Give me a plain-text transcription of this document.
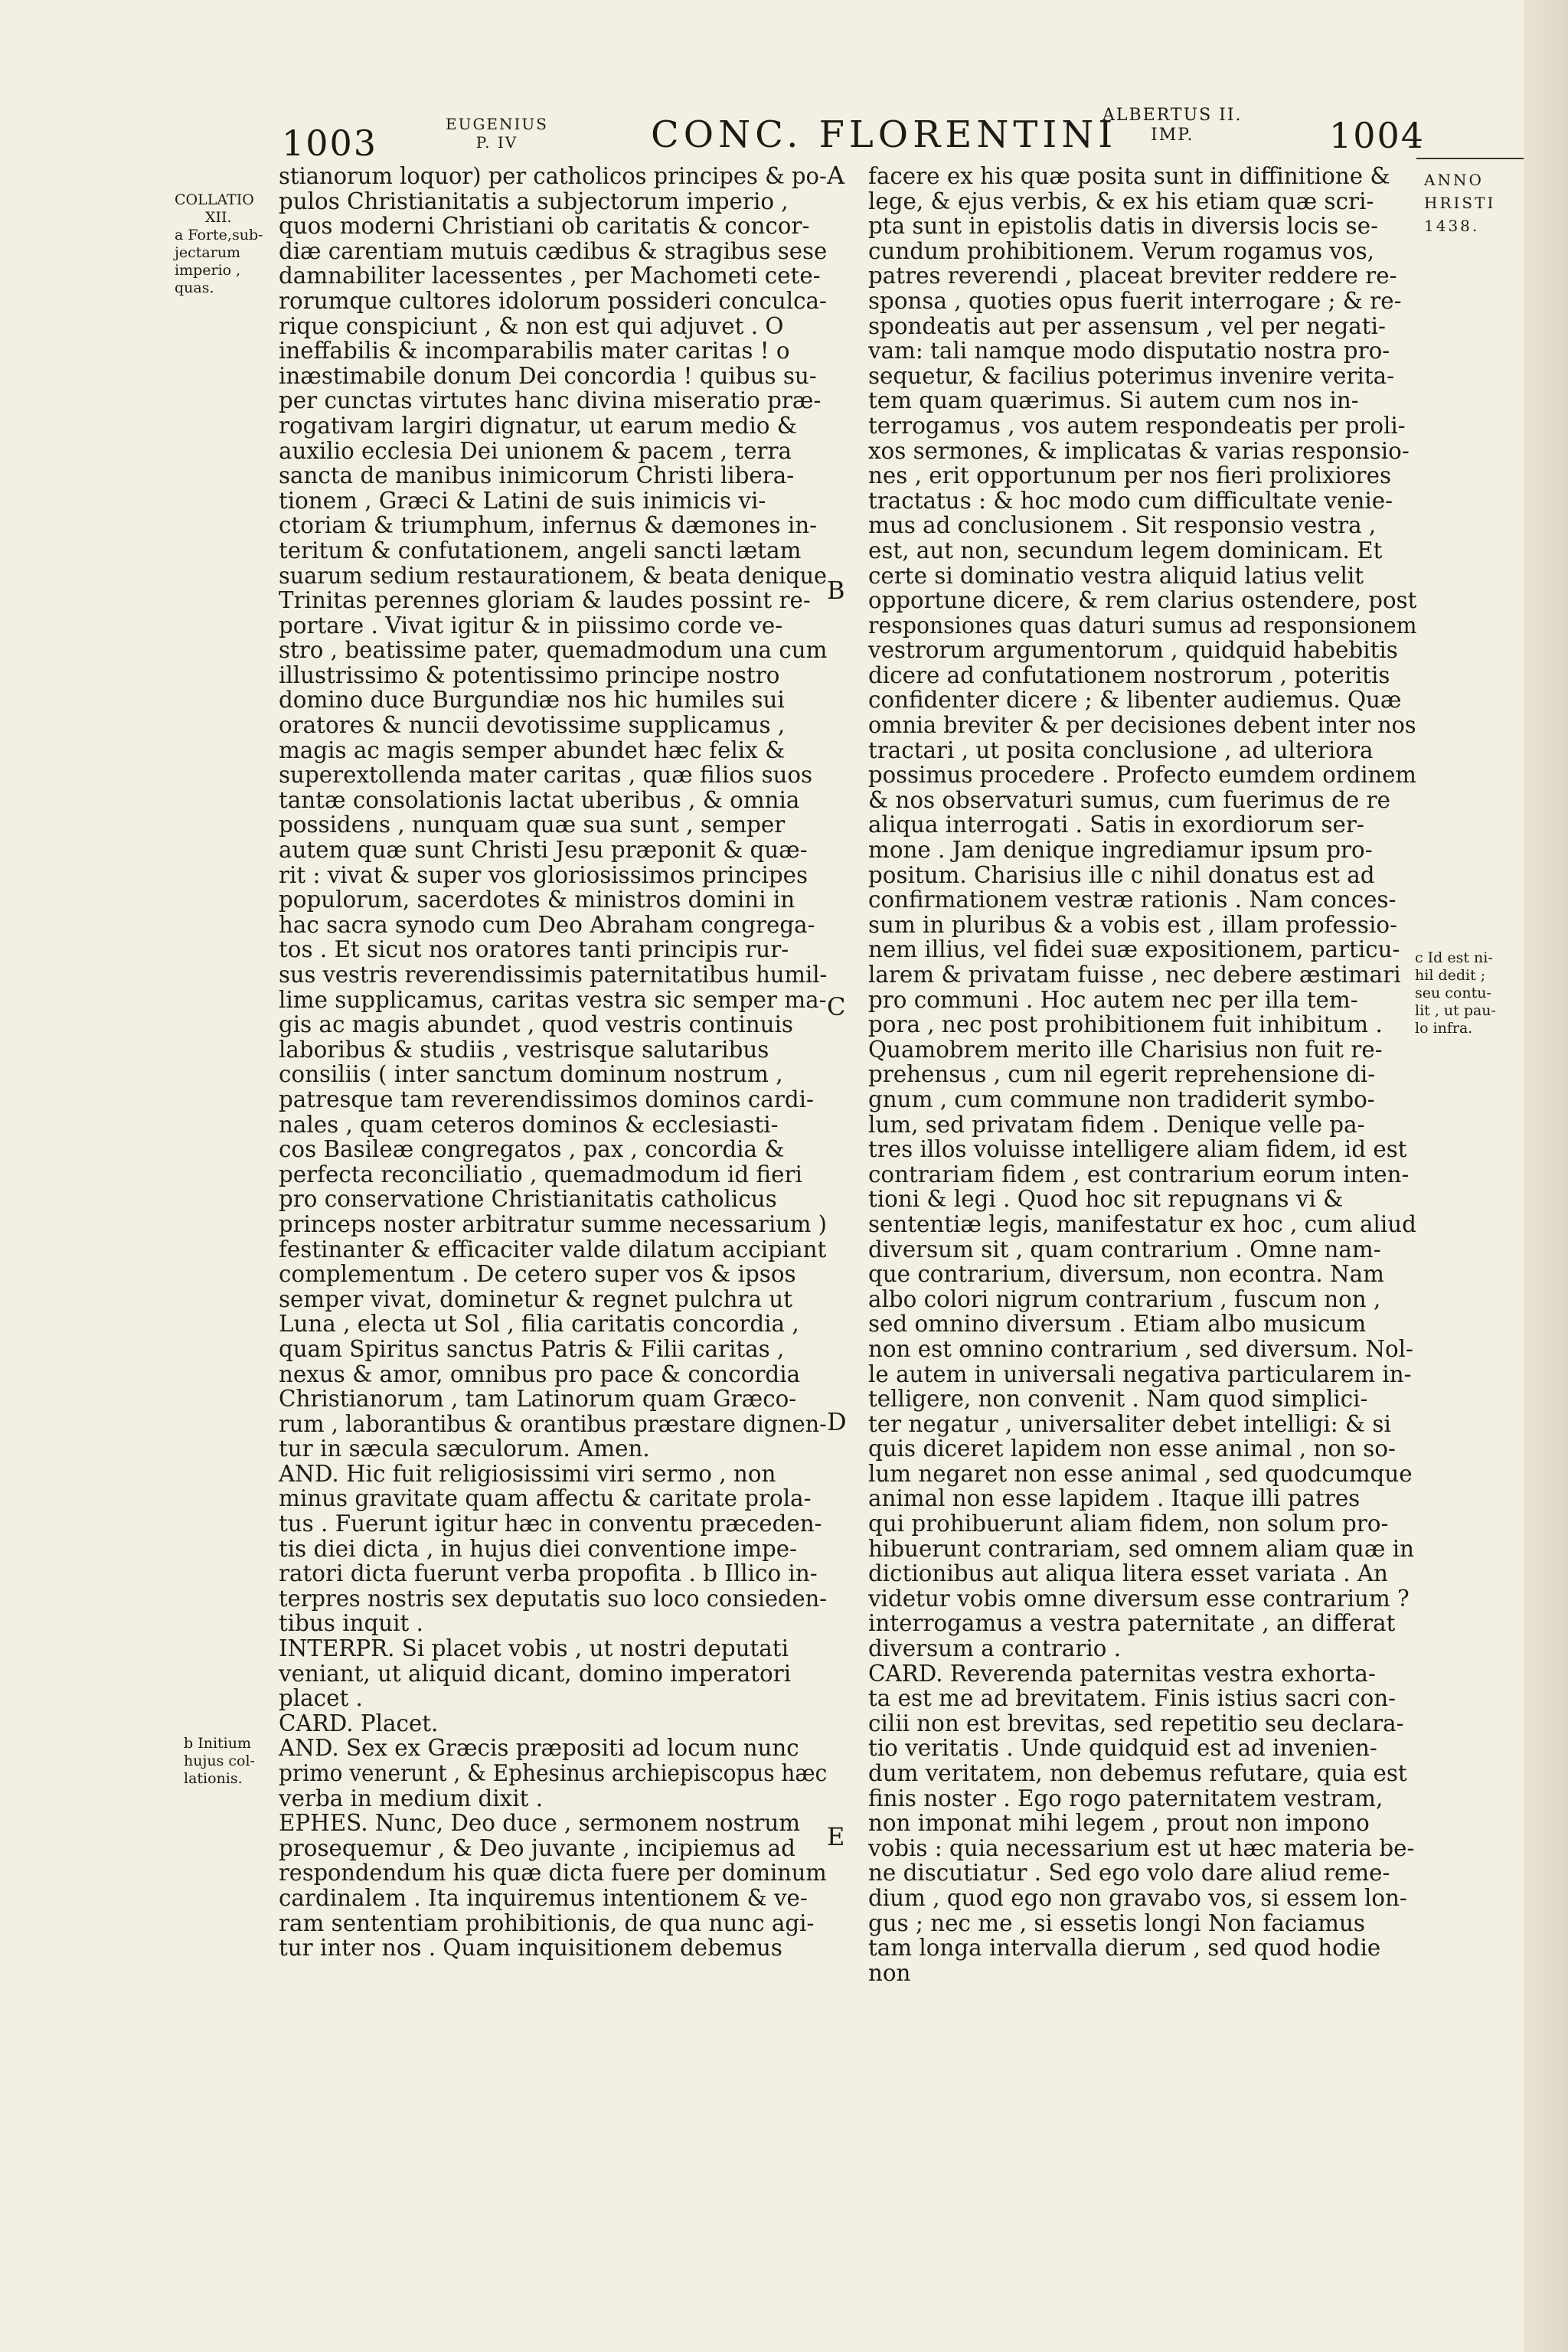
1003	EUGENIUS
P. IV	CONC. FLORENTINI
ALBERTUS II.
IMP.	1004
COLLATIO
XII.
a Forte,sub-
jectarum
imperio ,
quas.
b Initium
hujus col-
lationis.
ANNO
HRISTI
1438.
c Id est ni-
hil dedit ;
seu contu-
lit , ut pau-
lo infra.
A
B
C
D
E
stianorum loquor) per catholicos principes & po-
pulos Christianitatis a subjectorum imperio ,
quos moderni Christiani ob caritatis & concor-
diæ carentiam mutuis cædibus & stragibus sese
damnabiliter lacessentes , per Machometi cete-
rorumque cultores idolorum possideri conculca-
rique conspiciunt , & non est qui adjuvet . O
ineffabilis & incomparabilis mater caritas ! o
inæstimabile donum Dei concordia ! quibus su-
per cunctas virtutes hanc divina miseratio præ-
rogativam largiri dignatur, ut earum medio &
auxilio ecclesia Dei unionem & pacem , terra
sancta de manibus inimicorum Christi libera-
tionem , Græci & Latini de suis inimicis vi-
ctoriam & triumphum, infernus & dæmones in-
teritum & confutationem, angeli sancti lætam
suarum sedium restaurationem, & beata denique
Trinitas perennes gloriam & laudes possint re-
portare . Vivat igitur & in piissimo corde ve-
stro , beatissime pater, quemadmodum una cum
illustrissimo & potentissimo principe nostro
domino duce Burgundiæ nos hic humiles sui
oratores & nuncii devotissime supplicamus ,
magis ac magis semper abundet hæc felix &
superextollenda mater caritas , quæ filios suos
tantæ consolationis lactat uberibus , & omnia
possidens , nunquam quæ sua sunt , semper
autem quæ sunt Christi Jesu præponit & quæ-
rit : vivat & super vos gloriosissimos principes
populorum, sacerdotes & ministros domini in
hac sacra synodo cum Deo Abraham congrega-
tos . Et sicut nos oratores tanti principis rur-
sus vestris reverendissimis paternitatibus humil-
lime supplicamus, caritas vestra sic semper ma-
gis ac magis abundet , quod vestris continuis
laboribus & studiis , vestrisque salutaribus
consiliis ( inter sanctum dominum nostrum ,
patresque tam reverendissimos dominos cardi-
nales , quam ceteros dominos & ecclesiasti-
cos Basileæ congregatos , pax , concordia &
perfecta reconciliatio , quemadmodum id fieri
pro conservatione Christianitatis catholicus
princeps noster arbitratur summe necessarium )
festinanter & efficaciter valde dilatum accipiant
complementum . De cetero super vos & ipsos
semper vivat, dominetur & regnet pulchra ut
Luna , electa ut Sol , filia caritatis concordia ,
quam Spiritus sanctus Patris & Filii caritas ,
nexus & amor, omnibus pro pace & concordia
Christianorum , tam Latinorum quam Græco-
rum , laborantibus & orantibus præstare dignen-
tur in sæcula sæculorum. Amen.
AND. Hic fuit religiosissimi viri sermo , non
minus gravitate quam affectu & caritate prola-
tus . Fuerunt igitur hæc in conventu præceden-
tis diei dicta , in hujus diei conventione impe-
ratori dicta fuerunt verba propofita . b Illico in-
terpres nostris sex deputatis suo loco consieden-
tibus inquit .
INTERPR. Si placet vobis , ut nostri deputati
veniant, ut aliquid dicant, domino imperatori
placet .
CARD. Placet.
AND. Sex ex Græcis præpositi ad locum nunc
primo venerunt , & Ephesinus archiepiscopus hæc
verba in medium dixit .
EPHES. Nunc, Deo duce , sermonem nostrum
prosequemur , & Deo juvante , incipiemus ad
respondendum his quæ dicta fuere per dominum
cardinalem . Ita inquiremus intentionem & ve-
ram sententiam prohibitionis, de qua nunc agi-
tur inter nos . Quam inquisitionem debemus
facere ex his quæ posita sunt in diffinitione &
lege, & ejus verbis, & ex his etiam quæ scri-
pta sunt in epistolis datis in diversis locis se-
cundum prohibitionem. Verum rogamus vos,
patres reverendi , placeat breviter reddere re-
sponsa , quoties opus fuerit interrogare ; & re-
spondeatis aut per assensum , vel per negati-
vam: tali namque modo disputatio nostra pro-
sequetur, & facilius poterimus invenire verita-
tem quam quærimus. Si autem cum nos in-
terrogamus , vos autem respondeatis per proli-
xos sermones, & implicatas & varias responsio-
nes , erit opportunum per nos fieri prolixiores
tractatus : & hoc modo cum difficultate venie-
mus ad conclusionem . Sit responsio vestra ,
est, aut non, secundum legem dominicam. Et
certe si dominatio vestra aliquid latius velit
opportune dicere, & rem clarius ostendere, post
responsiones quas daturi sumus ad responsionem
vestrorum argumentorum , quidquid habebitis
dicere ad confutationem nostrorum , poteritis
confidenter dicere ; & libenter audiemus. Quæ
omnia breviter & per decisiones debent inter nos
tractari , ut posita conclusione , ad ulteriora
possimus procedere . Profecto eumdem ordinem
& nos observaturi sumus, cum fuerimus de re
aliqua interrogati . Satis in exordiorum ser-
mone . Jam denique ingrediamur ipsum pro-
positum. Charisius ille c nihil donatus est ad
confirmationem vestræ rationis . Nam conces-
sum in pluribus & a vobis est , illam professio-
nem illius, vel fidei suæ expositionem, particu-
larem & privatam fuisse , nec debere æstimari
pro communi . Hoc autem nec per illa tem-
pora , nec post prohibitionem fuit inhibitum .
Quamobrem merito ille Charisius non fuit re-
prehensus , cum nil egerit reprehensione di-
gnum , cum commune non tradiderit symbo-
lum, sed privatam fidem . Denique velle pa-
tres illos voluisse intelligere aliam fidem, id est
contrariam fidem , est contrarium eorum inten-
tioni & legi . Quod hoc sit repugnans vi &
sententiæ legis, manifestatur ex hoc , cum aliud
diversum sit , quam contrarium . Omne nam-
que contrarium, diversum, non econtra. Nam
albo colori nigrum contrarium , fuscum non ,
sed omnino diversum . Etiam albo musicum
non est omnino contrarium , sed diversum. Nol-
le autem in universali negativa particularem in-
telligere, non convenit . Nam quod simplici-
ter negatur , universaliter debet intelligi: & si
quis diceret lapidem non esse animal , non so-
lum negaret non esse animal , sed quodcumque
animal non esse lapidem . Itaque illi patres
qui prohibuerunt aliam fidem, non solum pro-
hibuerunt contrariam, sed omnem aliam quæ in
dictionibus aut aliqua litera esset variata . An
videtur vobis omne diversum esse contrarium ?
interrogamus a vestra paternitate , an differat
diversum a contrario .
CARD. Reverenda paternitas vestra exhorta-
ta est me ad brevitatem. Finis istius sacri con-
cilii non est brevitas, sed repetitio seu declara-
tio veritatis . Unde quidquid est ad invenien-
dum veritatem, non debemus refutare, quia est
finis noster . Ego rogo paternitatem vestram,
non imponat mihi legem , prout non impono
vobis : quia necessarium est ut hæc materia be-
ne discutiatur . Sed ego volo dare aliud reme-
dium , quod ego non gravabo vos, si essem lon-
gus ; nec me , si essetis longi Non faciamus
tam longa intervalla dierum , sed quod hodie
non
